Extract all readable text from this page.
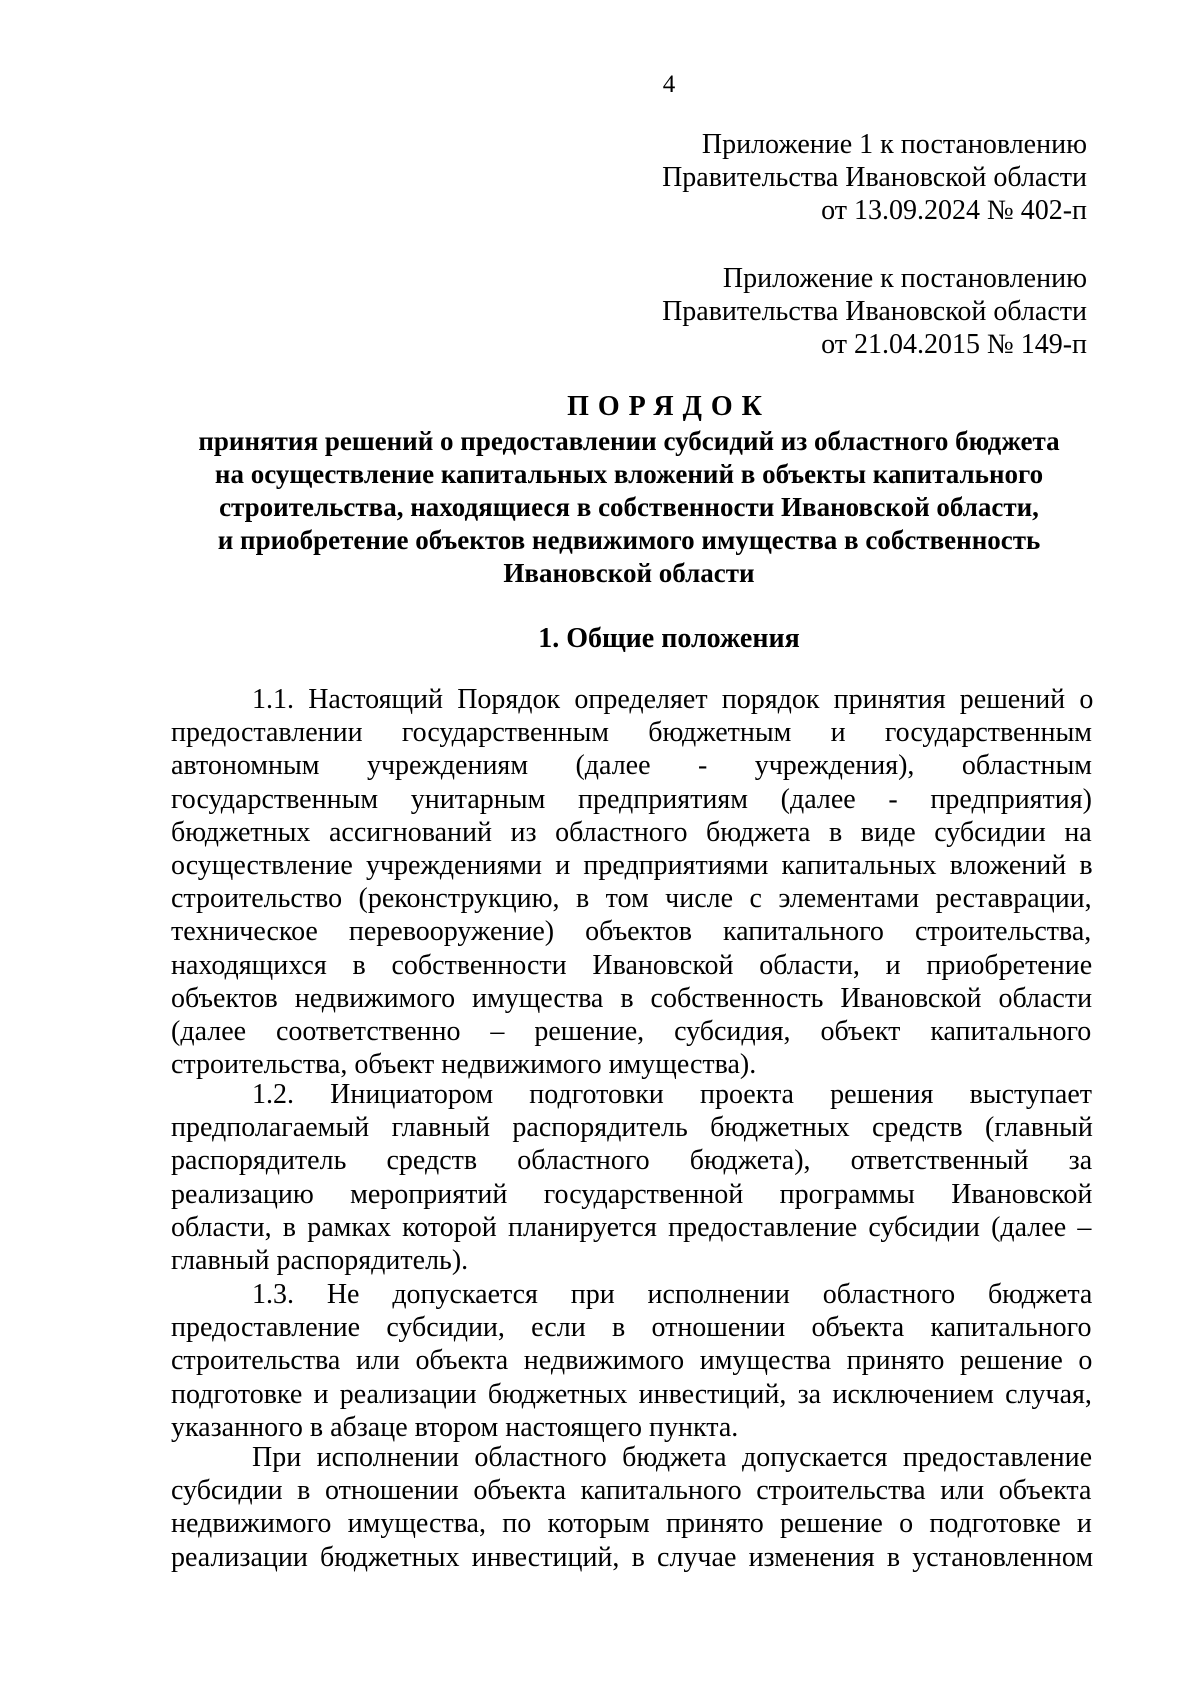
4
Приложение 1 к постановлению
Правительства Ивановской области
от 13.09.2024 № 402-п
Приложение к постановлению
Правительства Ивановской области
от 21.04.2015 № 149-п
ПОРЯДОК
принятия решений о предоставлении субсидий из областного бюджета
на осуществление капитальных вложений в объекты капитального
строительства, находящиеся в собственности Ивановской области,
и приобретение объектов недвижимого имущества в собственность
Ивановской области
1. Общие положения
1.1. Настоящий Порядок определяет порядок принятия решений о
предоставлении государственным бюджетным и государственным
автономным учреждениям (далее - учреждения), областным
государственным унитарным предприятиям (далее - предприятия)
бюджетных ассигнований из областного бюджета в виде субсидии на
осуществление учреждениями и предприятиями капитальных вложений в
строительство (реконструкцию, в том числе с элементами реставрации,
техническое перевооружение) объектов капитального строительства,
находящихся в собственности Ивановской области, и приобретение
объектов недвижимого имущества в собственность Ивановской области
(далее соответственно – решение, субсидия, объект капитального
строительства, объект недвижимого имущества).
1.2. Инициатором подготовки проекта решения выступает
предполагаемый главный распорядитель бюджетных средств (главный
распорядитель средств областного бюджета), ответственный за
реализацию мероприятий государственной программы Ивановской
области, в рамках которой планируется предоставление субсидии (далее –
главный распорядитель).
1.3. Не допускается при исполнении областного бюджета
предоставление субсидии, если в отношении объекта капитального
строительства или объекта недвижимого имущества принято решение о
подготовке и реализации бюджетных инвестиций, за исключением случая,
указанного в абзаце втором настоящего пункта.
При исполнении областного бюджета допускается предоставление
субсидии в отношении объекта капитального строительства или объекта
недвижимого имущества, по которым принято решение о подготовке и
реализации бюджетных инвестиций, в случае изменения в установленном
